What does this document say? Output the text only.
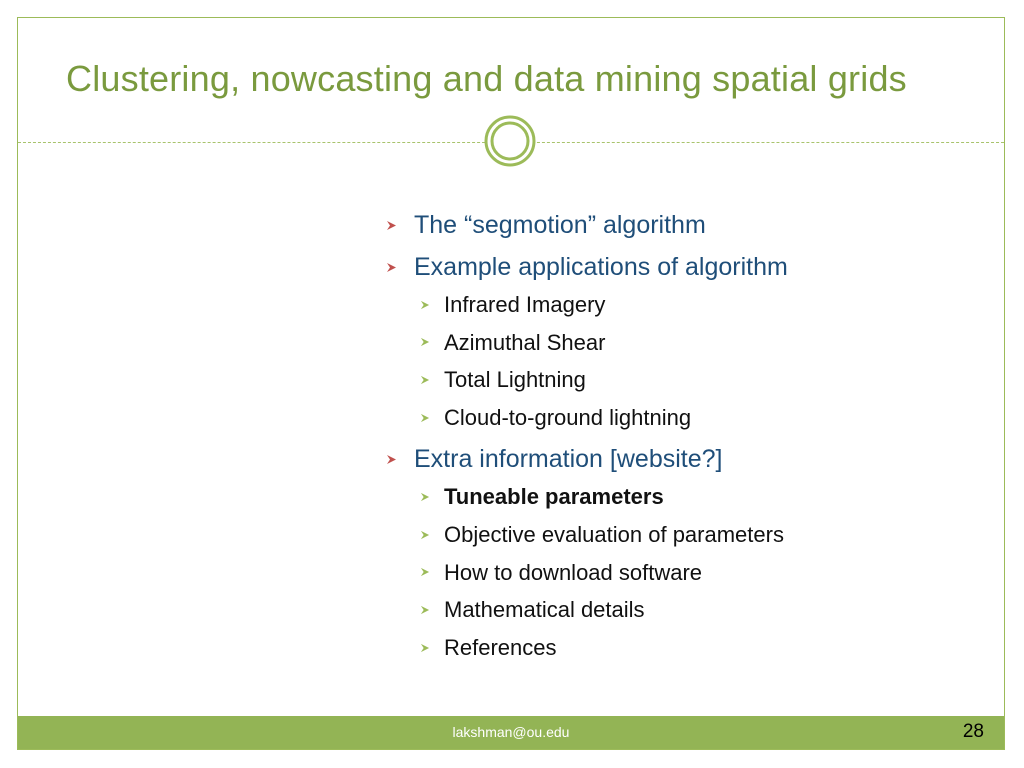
Clustering, nowcasting and data mining spatial grids
The “segmotion” algorithm
Example applications of algorithm
Infrared Imagery
Azimuthal Shear
Total Lightning
Cloud-to-ground lightning
Extra information [website?]
Tuneable parameters
Objective evaluation of parameters
How to download software
Mathematical details
References
lakshman@ou.edu	28
